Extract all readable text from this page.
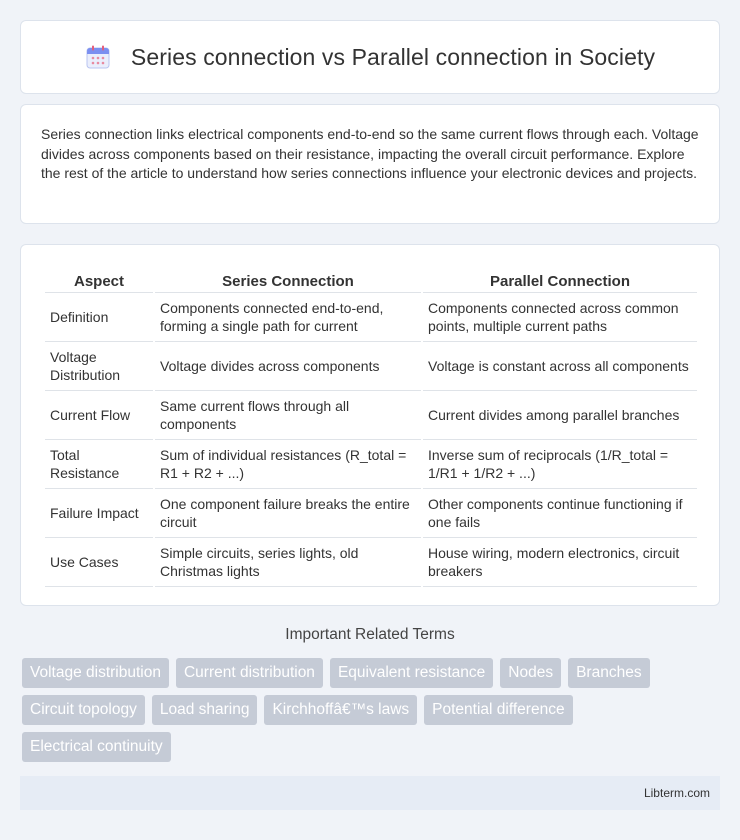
Series connection vs Parallel connection in Society

Series connection links electrical components end-to-end so the same current flows through each. Voltage divides across components based on their resistance, impacting the overall circuit performance. Explore the rest of the article to understand how series connections influence your electronic devices and projects.

Aspect	Series Connection	Parallel Connection
Definition	Components connected end-to-end, forming a single path for current	Components connected across common points, multiple current paths
Voltage Distribution	Voltage divides across components	Voltage is constant across all components
Current Flow	Same current flows through all components	Current divides among parallel branches
Total Resistance	Sum of individual resistances (R_total = R1 + R2 + ...)	Inverse sum of reciprocals (1/R_total = 1/R1 + 1/R2 + ...)
Failure Impact	One component failure breaks the entire circuit	Other components continue functioning if one fails
Use Cases	Simple circuits, series lights, old Christmas lights	House wiring, modern electronics, circuit breakers
Important Related Terms
Voltage distribution	Current distribution	Equivalent resistance	Nodes	Branches
Circuit topology	Load sharing	Kirchhoffâ€™s laws	Potential difference
Electrical continuity
Libterm.com
